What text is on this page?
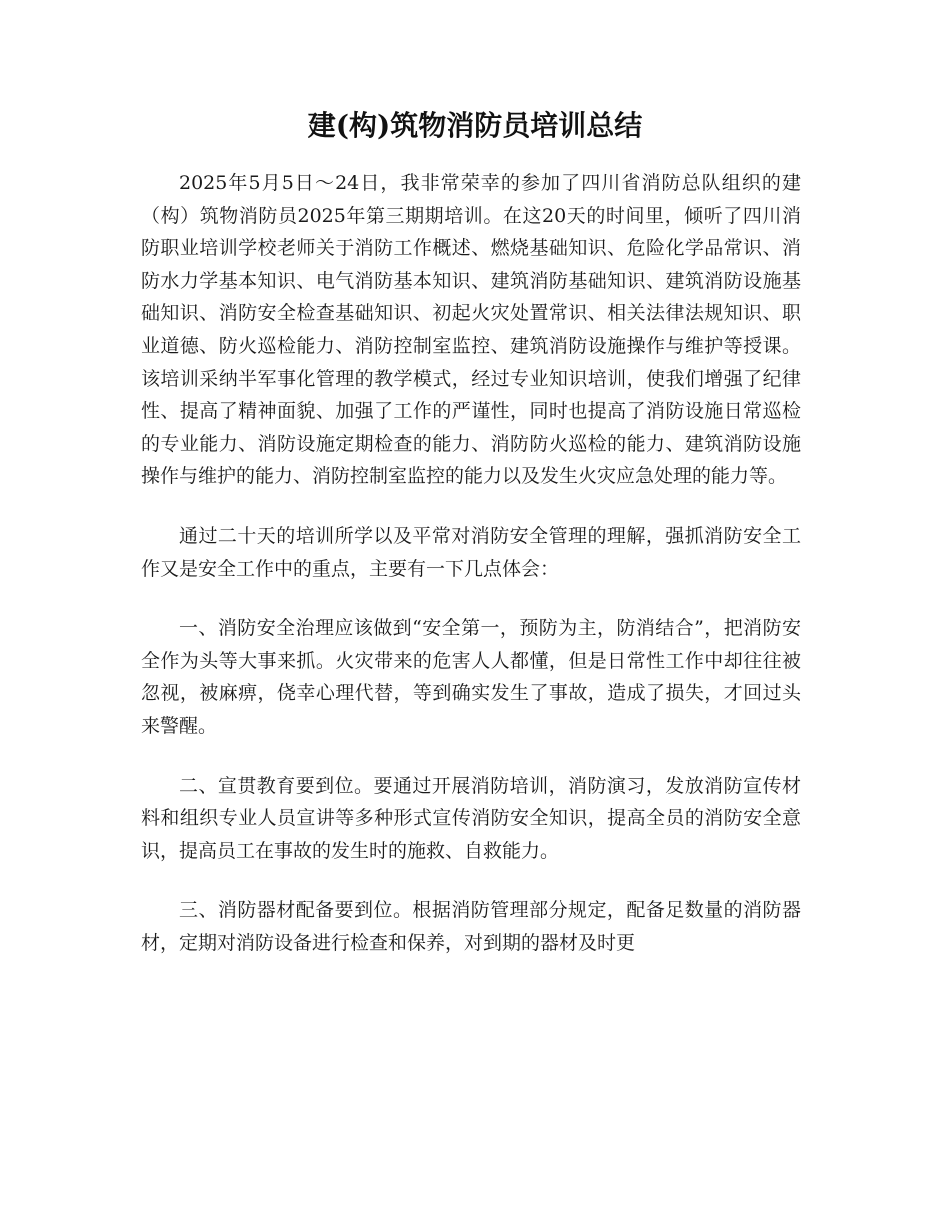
建(构)筑物消防员培训总结

2025年5月5日～24日，我非常荣幸的参加了四川省消防总队组织的建（构）筑物消防员2025年第三期期培训。在这20天的时间里，倾听了四川消防职业培训学校老师关于消防工作概述、燃烧基础知识、危险化学品常识、消防水力学基本知识、电气消防基本知识、建筑消防基础知识、建筑消防设施基础知识、消防安全检查基础知识、初起火灾处置常识、相关法律法规知识、职业道德、防火巡检能力、消防控制室监控、建筑消防设施操作与维护等授课。该培训采纳半军事化管理的教学模式，经过专业知识培训，使我们增强了纪律性、提高了精神面貌、加强了工作的严谨性，同时也提高了消防设施日常巡检的专业能力、消防设施定期检查的能力、消防防火巡检的能力、建筑消防设施操作与维护的能力、消防控制室监控的能力以及发生火灾应急处理的能力等。

通过二十天的培训所学以及平常对消防安全管理的理解，强抓消防安全工作又是安全工作中的重点，主要有一下几点体会：

一、消防安全治理应该做到“安全第一，预防为主，防消结合”，把消防安全作为头等大事来抓。火灾带来的危害人人都懂，但是日常性工作中却往往被忽视，被麻痹，侥幸心理代替，等到确实发生了事故，造成了损失，才回过头来警醒。

二、宣贯教育要到位。要通过开展消防培训，消防演习，发放消防宣传材料和组织专业人员宣讲等多种形式宣传消防安全知识，提高全员的消防安全意识，提高员工在事故的发生时的施救、自救能力。

三、消防器材配备要到位。根据消防管理部分规定，配备足数量的消防器材，定期对消防设备进行检查和保养，对到期的器材及时更
